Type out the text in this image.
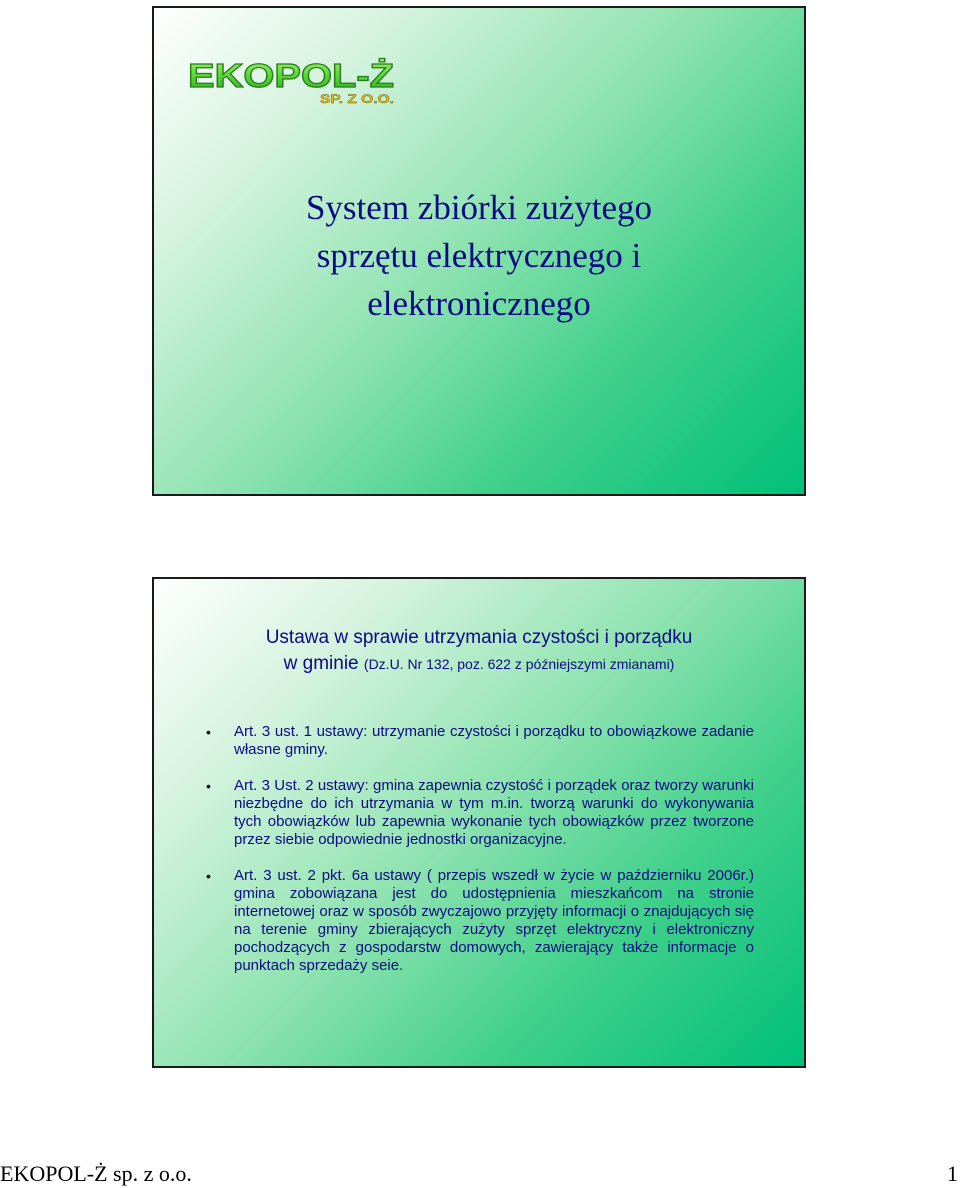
EKOPOL-Ż
SP. Z O.O.
System zbiórki zużytego
sprzętu elektrycznego i
elektronicznego
Ustawa w sprawie utrzymania czystości i porządku
w gminie (Dz.U. Nr 132, poz. 622 z późniejszymi zmianami)
• Art. 3 ust. 1 ustawy: utrzymanie czystości i porządku to obowiązkowe zadanie własne gminy.

• Art. 3 Ust. 2 ustawy: gmina zapewnia czystość i porządek oraz tworzy warunki niezbędne do ich utrzymania w tym m.in. tworzą warunki do wykonywania tych obowiązków lub zapewnia wykonanie tych obowiązków przez tworzone przez siebie odpowiednie jednostki organizacyjne.

• Art. 3 ust. 2 pkt. 6a ustawy ( przepis wszedł w życie w październiku 2006r.) gmina zobowiązana jest do udostępnienia mieszkańcom na stronie internetowej oraz w sposób zwyczajowo przyjęty informacji o znajdujących się na terenie gminy zbierających zużyty sprzęt elektryczny i elektroniczny pochodzących z gospodarstw domowych, zawierający także informacje o punktach sprzedaży seie.

EKOPOL-Ż sp. z o.o.	1
